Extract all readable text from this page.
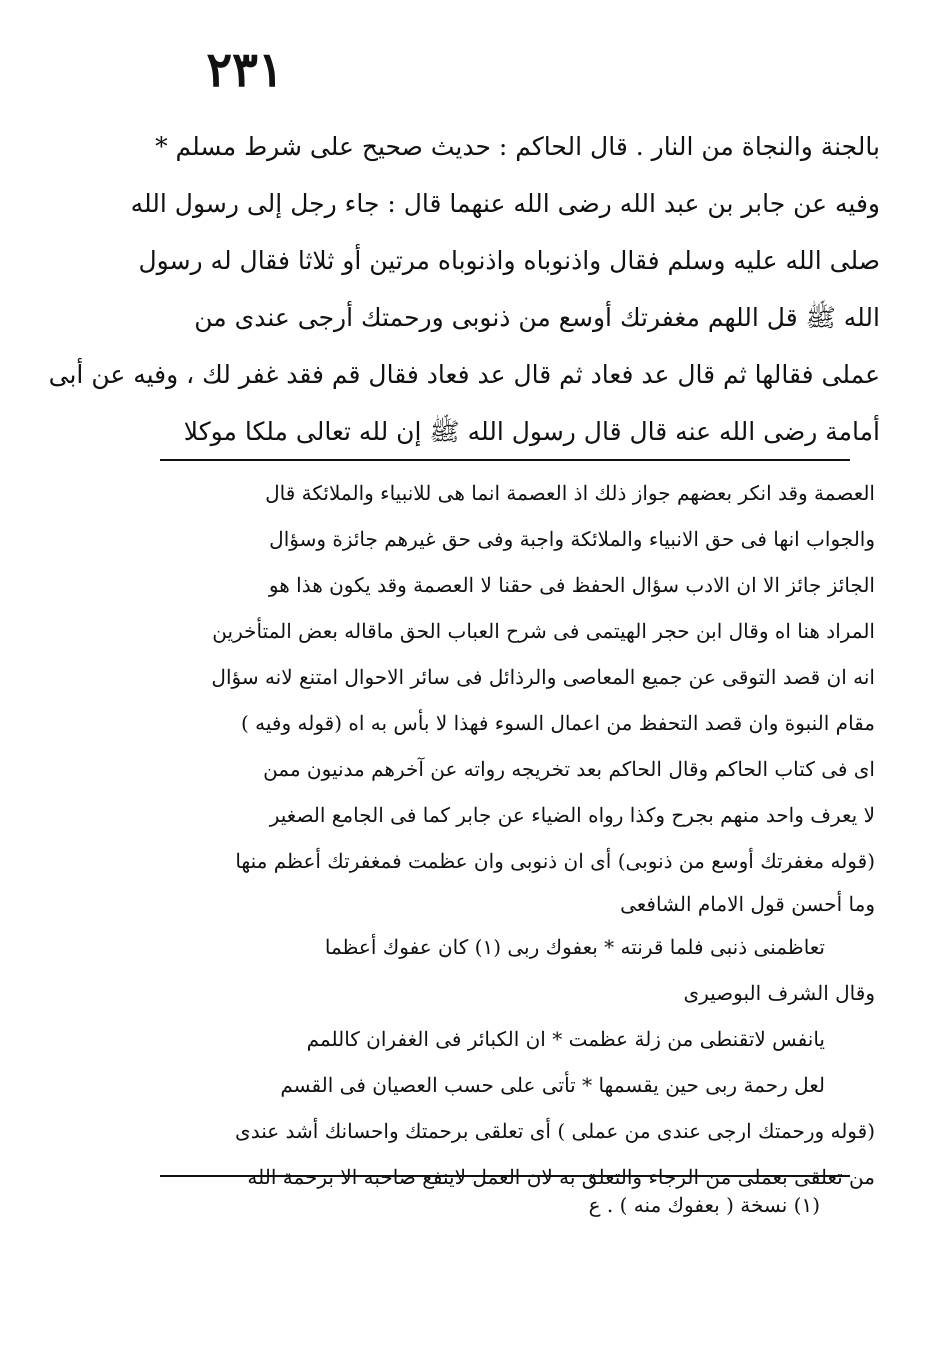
٢٣١
بالجنة والنجاة من النار . قال الحاكم : حديث صحيح على شرط مسلم *
وفيه عن جابر بن عبد الله رضى الله عنهما قال : جاء رجل إلى رسول الله
صلى الله عليه وسلم فقال واذنوباه واذنوباه مرتين أو ثلاثا فقال له رسول
الله ﷺ قل اللهم مغفرتك أوسع من ذنوبى ورحمتك أرجى عندى من
عملى فقالها ثم قال عد فعاد ثم قال عد فعاد فقال قم فقد غفر لك ، وفيه عن أبى
أمامة رضى الله عنه قال قال رسول الله ﷺ إن لله تعالى ملكا موكلا
العصمة وقد انكر بعضهم جواز ذلك اذ العصمة انما هى للانبياء والملائكة قال
والجواب انها فى حق الانبياء والملائكة واجبة وفى حق غيرهم جائزة وسؤال
الجائز جائز الا ان الادب سؤال الحفظ فى حقنا لا العصمة وقد يكون هذا هو
المراد هنا اه وقال ابن حجر الهيتمى فى شرح العباب الحق ماقاله بعض المتأخرين
انه ان قصد التوقى عن جميع المعاصى والرذائل فى سائر الاحوال امتنع لانه سؤال
مقام النبوة وان قصد التحفظ من اعمال السوء فهذا لا بأس به اه (قوله وفيه )
اى فى كتاب الحاكم وقال الحاكم بعد تخريجه رواته عن آخرهم مدنيون ممن
لا يعرف واحد منهم بجرح وكذا رواه الضياء عن جابر كما فى الجامع الصغير
(قوله مغفرتك أوسع من ذنوبى) أى ان ذنوبى وان عظمت فمغفرتك أعظم منها
وما أحسن قول الامام الشافعى
تعاظمنى ذنبى فلما قرنته * بعفوك ربى (١) كان عفوك أعظما
وقال الشرف البوصيرى
يانفس لاتقنطى من زلة عظمت * ان الكبائر فى الغفران كاللمم
لعل رحمة ربى حين يقسمها * تأتى على حسب العصيان فى القسم
(قوله ورحمتك ارجى عندى من عملى ) أى تعلقى برحمتك واحسانك أشد عندى
من تعلقى بعملى من الرجاء والتعلق به لان العمل لاينفع صاحبه الا برحمة الله
(١) نسخة ( بعفوك منه ) . ع
